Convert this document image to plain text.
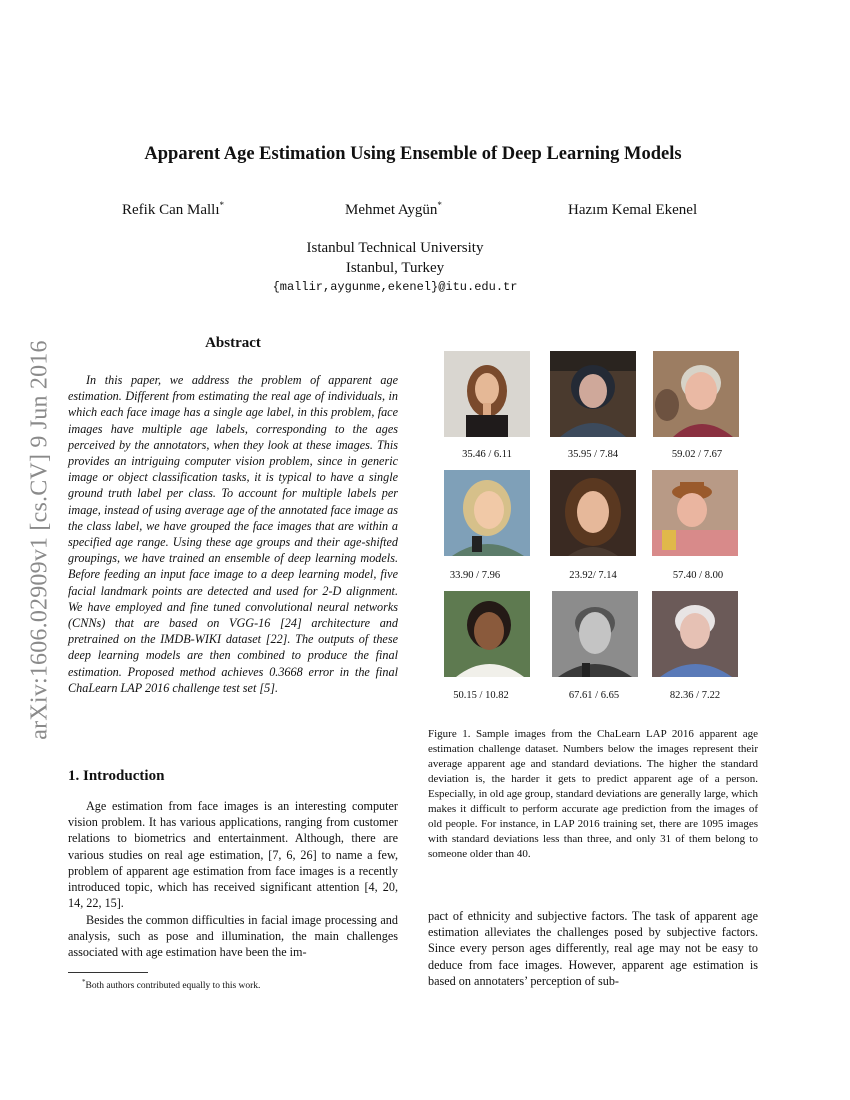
arXiv:1606.02909v1 [cs.CV] 9 Jun 2016
Apparent Age Estimation Using Ensemble of Deep Learning Models
Refik Can Mallı*	Mehmet Aygün*	Hazım Kemal Ekenel
Istanbul Technical University
Istanbul, Turkey
{mallir,aygunme,ekenel}@itu.edu.tr
Abstract

In this paper, we address the problem of apparent age estimation. Different from estimating the real age of individuals, in which each face image has a single age label, in this problem, face images have multiple age labels, corresponding to the ages perceived by the annotators, when they look at these images. This provides an intriguing computer vision problem, since in generic image or object classification tasks, it is typical to have a single ground truth label per class. To account for multiple labels per image, instead of using average age of the annotated face image as the class label, we have grouped the face images that are within a specified age range. Using these age groups and their age-shifted groupings, we have trained an ensemble of deep learning models. Before feeding an input face image to a deep learning model, five facial landmark points are detected and used for 2-D alignment. We have employed and fine tuned convolutional neural networks (CNNs) that are based on VGG-16 [24] architecture and pretrained on the IMDB-WIKI dataset [22]. The outputs of these deep learning models are then combined to produce the final estimation. Proposed method achieves 0.3668 error in the final ChaLearn LAP 2016 challenge test set [5].

1. Introduction

Age estimation from face images is an interesting computer vision problem. It has various applications, ranging from customer relations to biometrics and entertainment. Although, there are various studies on real age estimation, [7, 6, 26] to name a few, problem of apparent age estimation from face images is a recently introduced topic, which has received significant attention [4, 20, 14, 22, 15].

Besides the common difficulties in facial image processing and analysis, such as pose and illumination, the main challenges associated with age estimation have been the im-

*Both authors contributed equally to this work.
35.46 / 6.11	35.95 / 7.84	59.02 / 7.67
33.90 / 7.96	23.92/ 7.14	57.40 / 8.00
50.15 / 10.82	67.61 / 6.65	82.36 / 7.22

Figure 1. Sample images from the ChaLearn LAP 2016 apparent age estimation challenge dataset. Numbers below the images represent their average apparent age and standard deviations. The higher the standard deviation is, the harder it gets to predict apparent age of a person. Especially, in old age group, standard deviations are generally large, which makes it difficult to perform accurate age prediction from the images of old people. For instance, in LAP 2016 training set, there are 1095 images with standard deviations less than three, and only 31 of them belong to someone older than 40.

pact of ethnicity and subjective factors. The task of apparent age estimation alleviates the challenges posed by subjective factors. Since every person ages differently, real age may not be easy to deduce from face images. However, apparent age estimation is based on annotaters’ perception of sub-
